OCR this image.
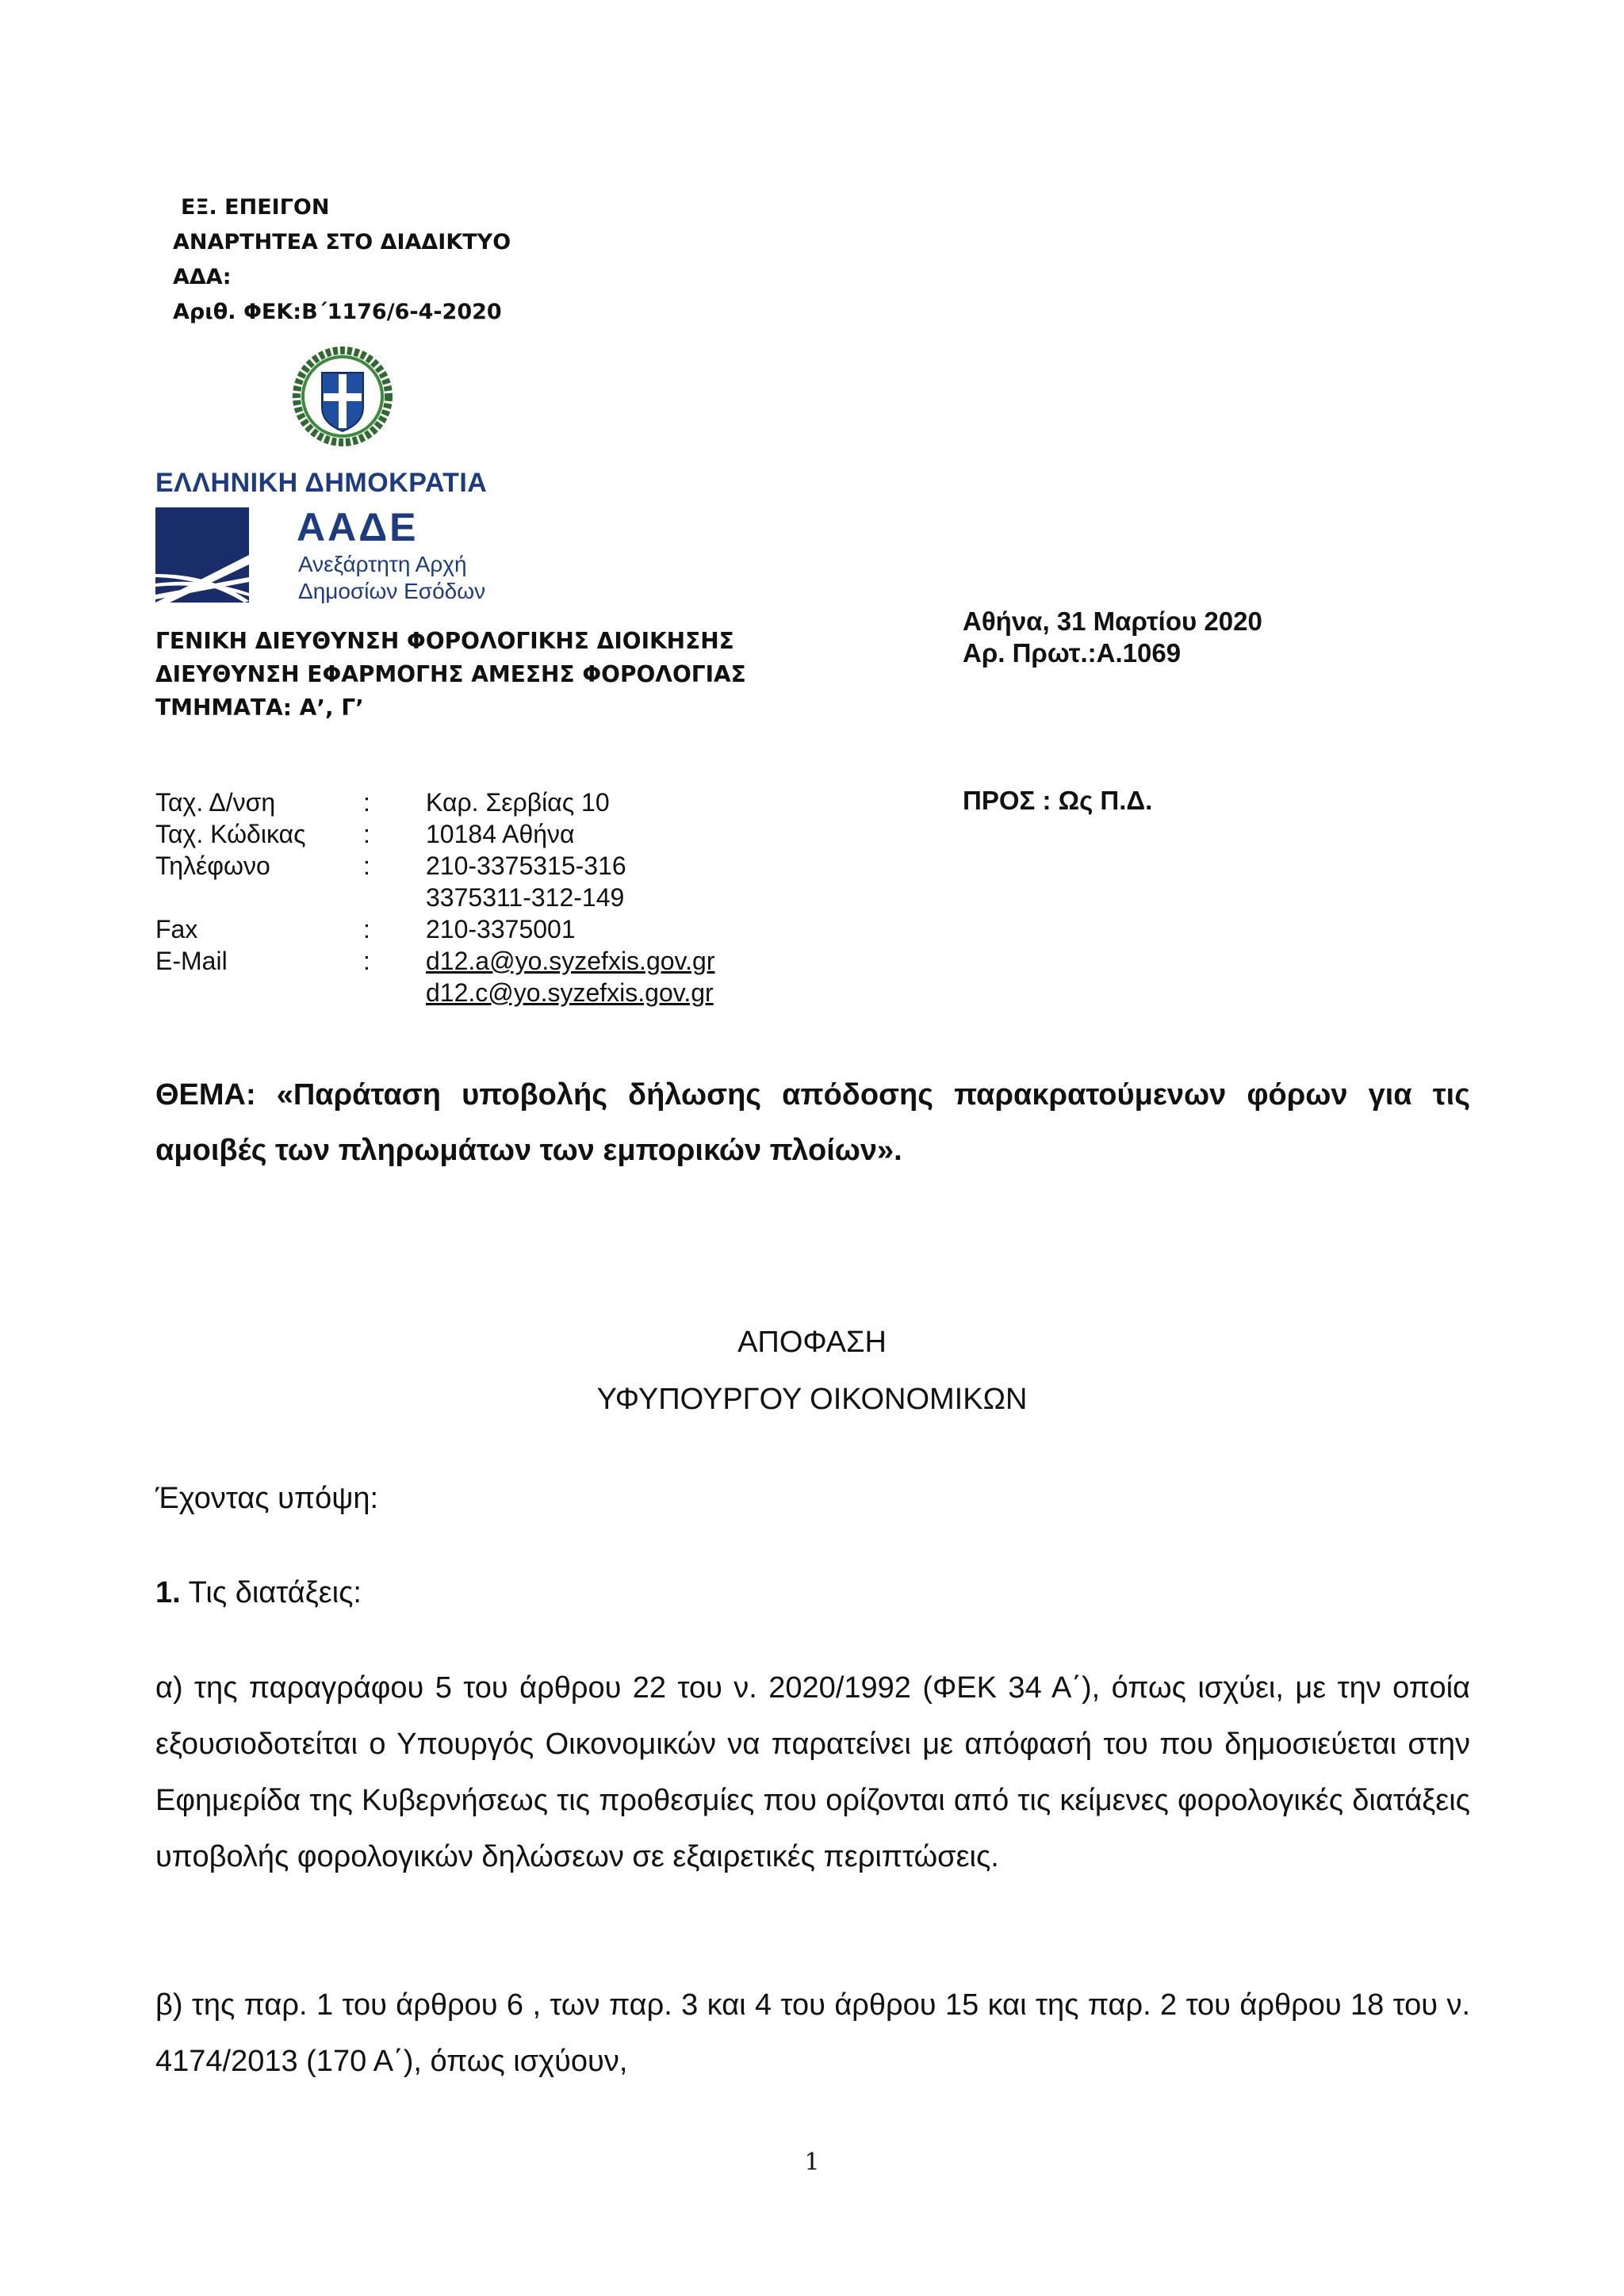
ΕΞ. ΕΠΕΙΓΟΝ
ΑΝΑΡΤΗΤΕΑ ΣΤΟ ΔΙΑΔΙΚΤΥΟ
ΑΔΑ:
Αριθ. ΦΕΚ:Β΄1176/6-4-2020
ΕΛΛΗΝΙΚΗ ΔΗΜΟΚΡΑΤΙΑ
ΑΑΔΕ
Ανεξάρτητη Αρχή
Δημοσίων Εσόδων
ΓΕΝΙΚΗ ΔΙΕΥΘΥΝΣΗ ΦΟΡΟΛΟΓΙΚΗΣ ΔΙΟΙΚΗΣΗΣ
ΔΙΕΥΘΥΝΣΗ ΕΦΑΡΜΟΓΗΣ ΑΜΕΣΗΣ ΦΟΡΟΛΟΓΙΑΣ
ΤΜΗΜΑΤΑ: Α’, Γ’
Αθήνα, 31 Μαρτίου 2020
Αρ. Πρωτ.:Α.1069
Ταχ. Δ/νση	: Καρ. Σερβίας 10
Ταχ. Κώδικας : 10184 Αθήνα
Τηλέφωνο	: 210-3375315-316
3375311-312-149
Fax	: 210-3375001
E-Mail	: d12.a@yo.syzefxis.gov.gr
d12.c@yo.syzefxis.gov.gr
ΠΡΟΣ : Ως Π.Δ.
ΘΕΜΑ: «Παράταση υποβολής δήλωσης απόδοσης παρακρατούμενων φόρων για τις αμοιβές των πληρωμάτων των εμπορικών πλοίων».
ΑΠΟΦΑΣΗ
ΥΦΥΠΟΥΡΓΟΥ ΟΙΚΟΝΟΜΙΚΩΝ
Έχοντας υπόψη:
1. Τις διατάξεις:
α) της παραγράφου 5 του άρθρου 22 του ν. 2020/1992 (ΦΕΚ 34 Α΄), όπως ισχύει, με την οποία εξουσιοδοτείται ο Υπουργός Οικονομικών να παρατείνει με απόφασή του που δημοσιεύεται στην Εφημερίδα της Κυβερνήσεως τις προθεσμίες που ορίζονται από τις κείμενες φορολογικές διατάξεις υποβολής φορολογικών δηλώσεων σε εξαιρετικές περιπτώσεις.
β) της παρ. 1 του άρθρου 6 , των παρ. 3 και 4 του άρθρου 15 και της παρ. 2 του άρθρου 18 του ν. 4174/2013 (170 Α΄), όπως ισχύουν,
1
